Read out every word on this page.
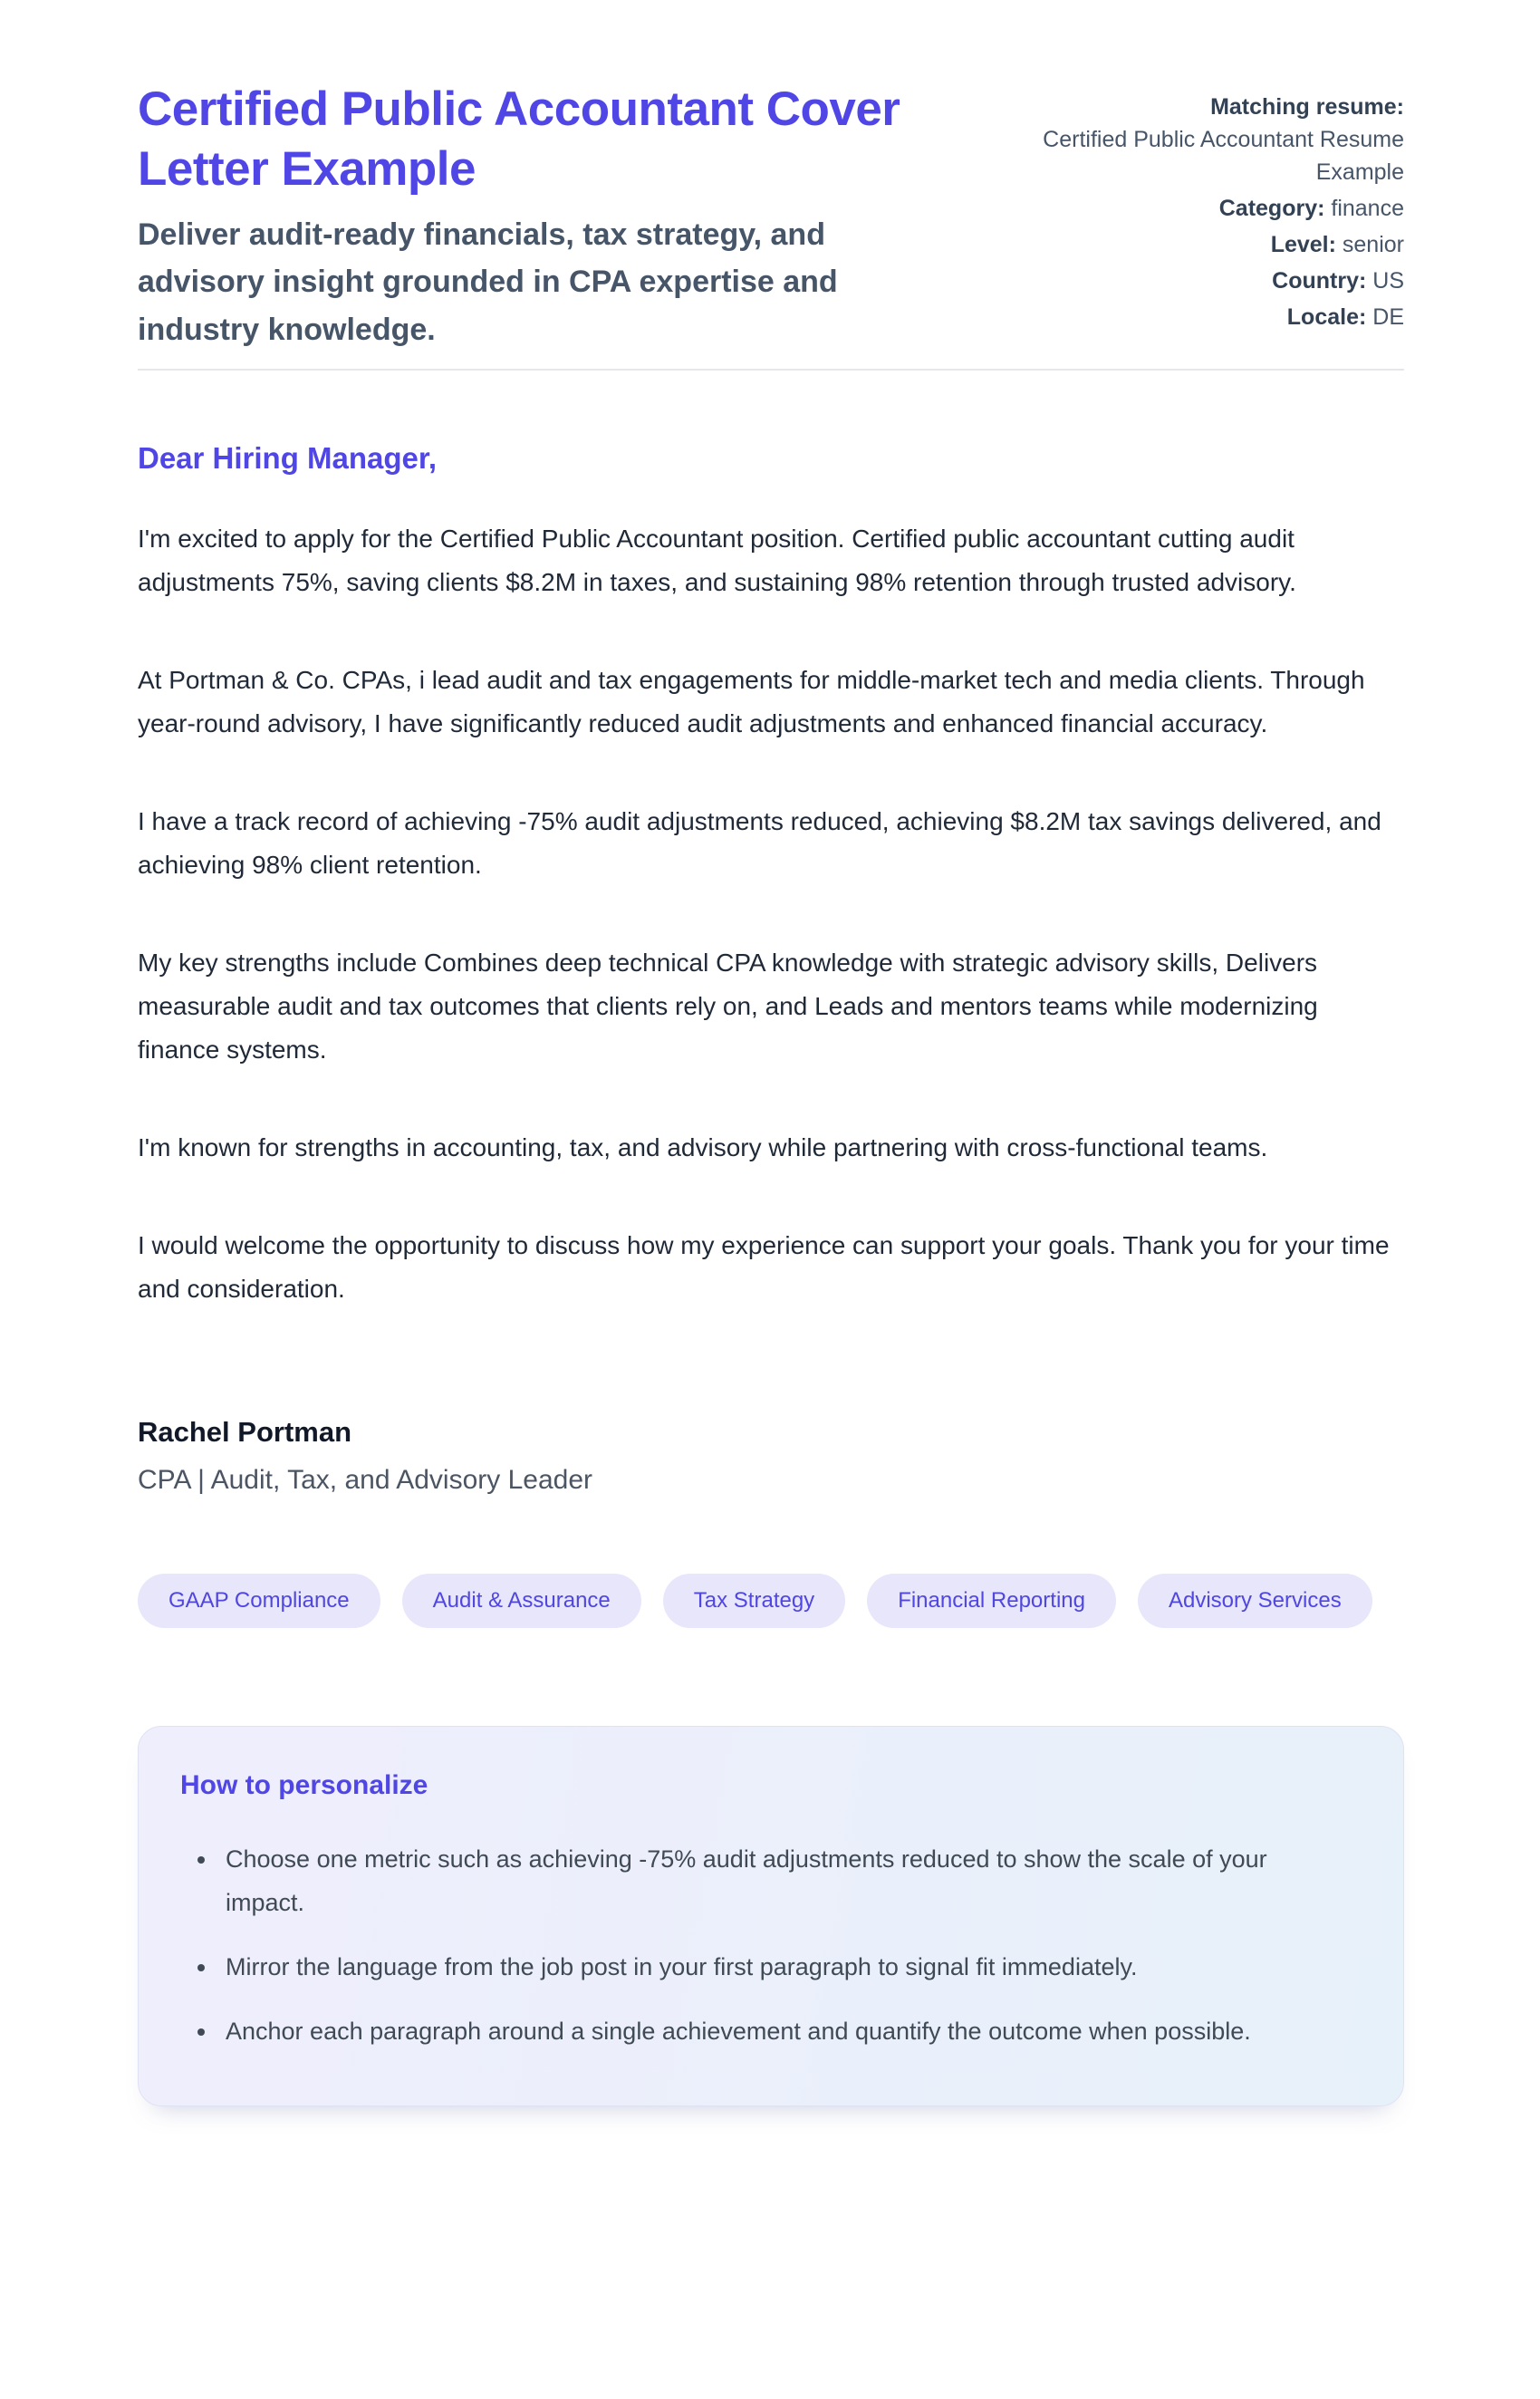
Certified Public Accountant Cover Letter Example

Deliver audit-ready financials, tax strategy, and advisory insight grounded in CPA expertise and industry knowledge.

Matching resume:
Certified Public Accountant Resume Example
Category: finance
Level: senior
Country: US
Locale: DE
Dear Hiring Manager,

I'm excited to apply for the Certified Public Accountant position. Certified public accountant cutting audit adjustments 75%, saving clients $8.2M in taxes, and sustaining 98% retention through trusted advisory.

At Portman & Co. CPAs, i lead audit and tax engagements for middle-market tech and media clients. Through year-round advisory, I have significantly reduced audit adjustments and enhanced financial accuracy.

I have a track record of achieving -75% audit adjustments reduced, achieving $8.2M tax savings delivered, and achieving 98% client retention.

My key strengths include Combines deep technical CPA knowledge with strategic advisory skills, Delivers measurable audit and tax outcomes that clients rely on, and Leads and mentors teams while modernizing finance systems.

I'm known for strengths in accounting, tax, and advisory while partnering with cross-functional teams.

I would welcome the opportunity to discuss how my experience can support your goals. Thank you for your time and consideration.

Rachel Portman

CPA | Audit, Tax, and Advisory Leader

GAAP Compliance	Audit & Assurance	Tax Strategy	Financial Reporting	Advisory Services
How to personalize
• Choose one metric such as achieving -75% audit adjustments reduced to show the scale of your impact.
• Mirror the language from the job post in your first paragraph to signal fit immediately.
• Anchor each paragraph around a single achievement and quantify the outcome when possible.
